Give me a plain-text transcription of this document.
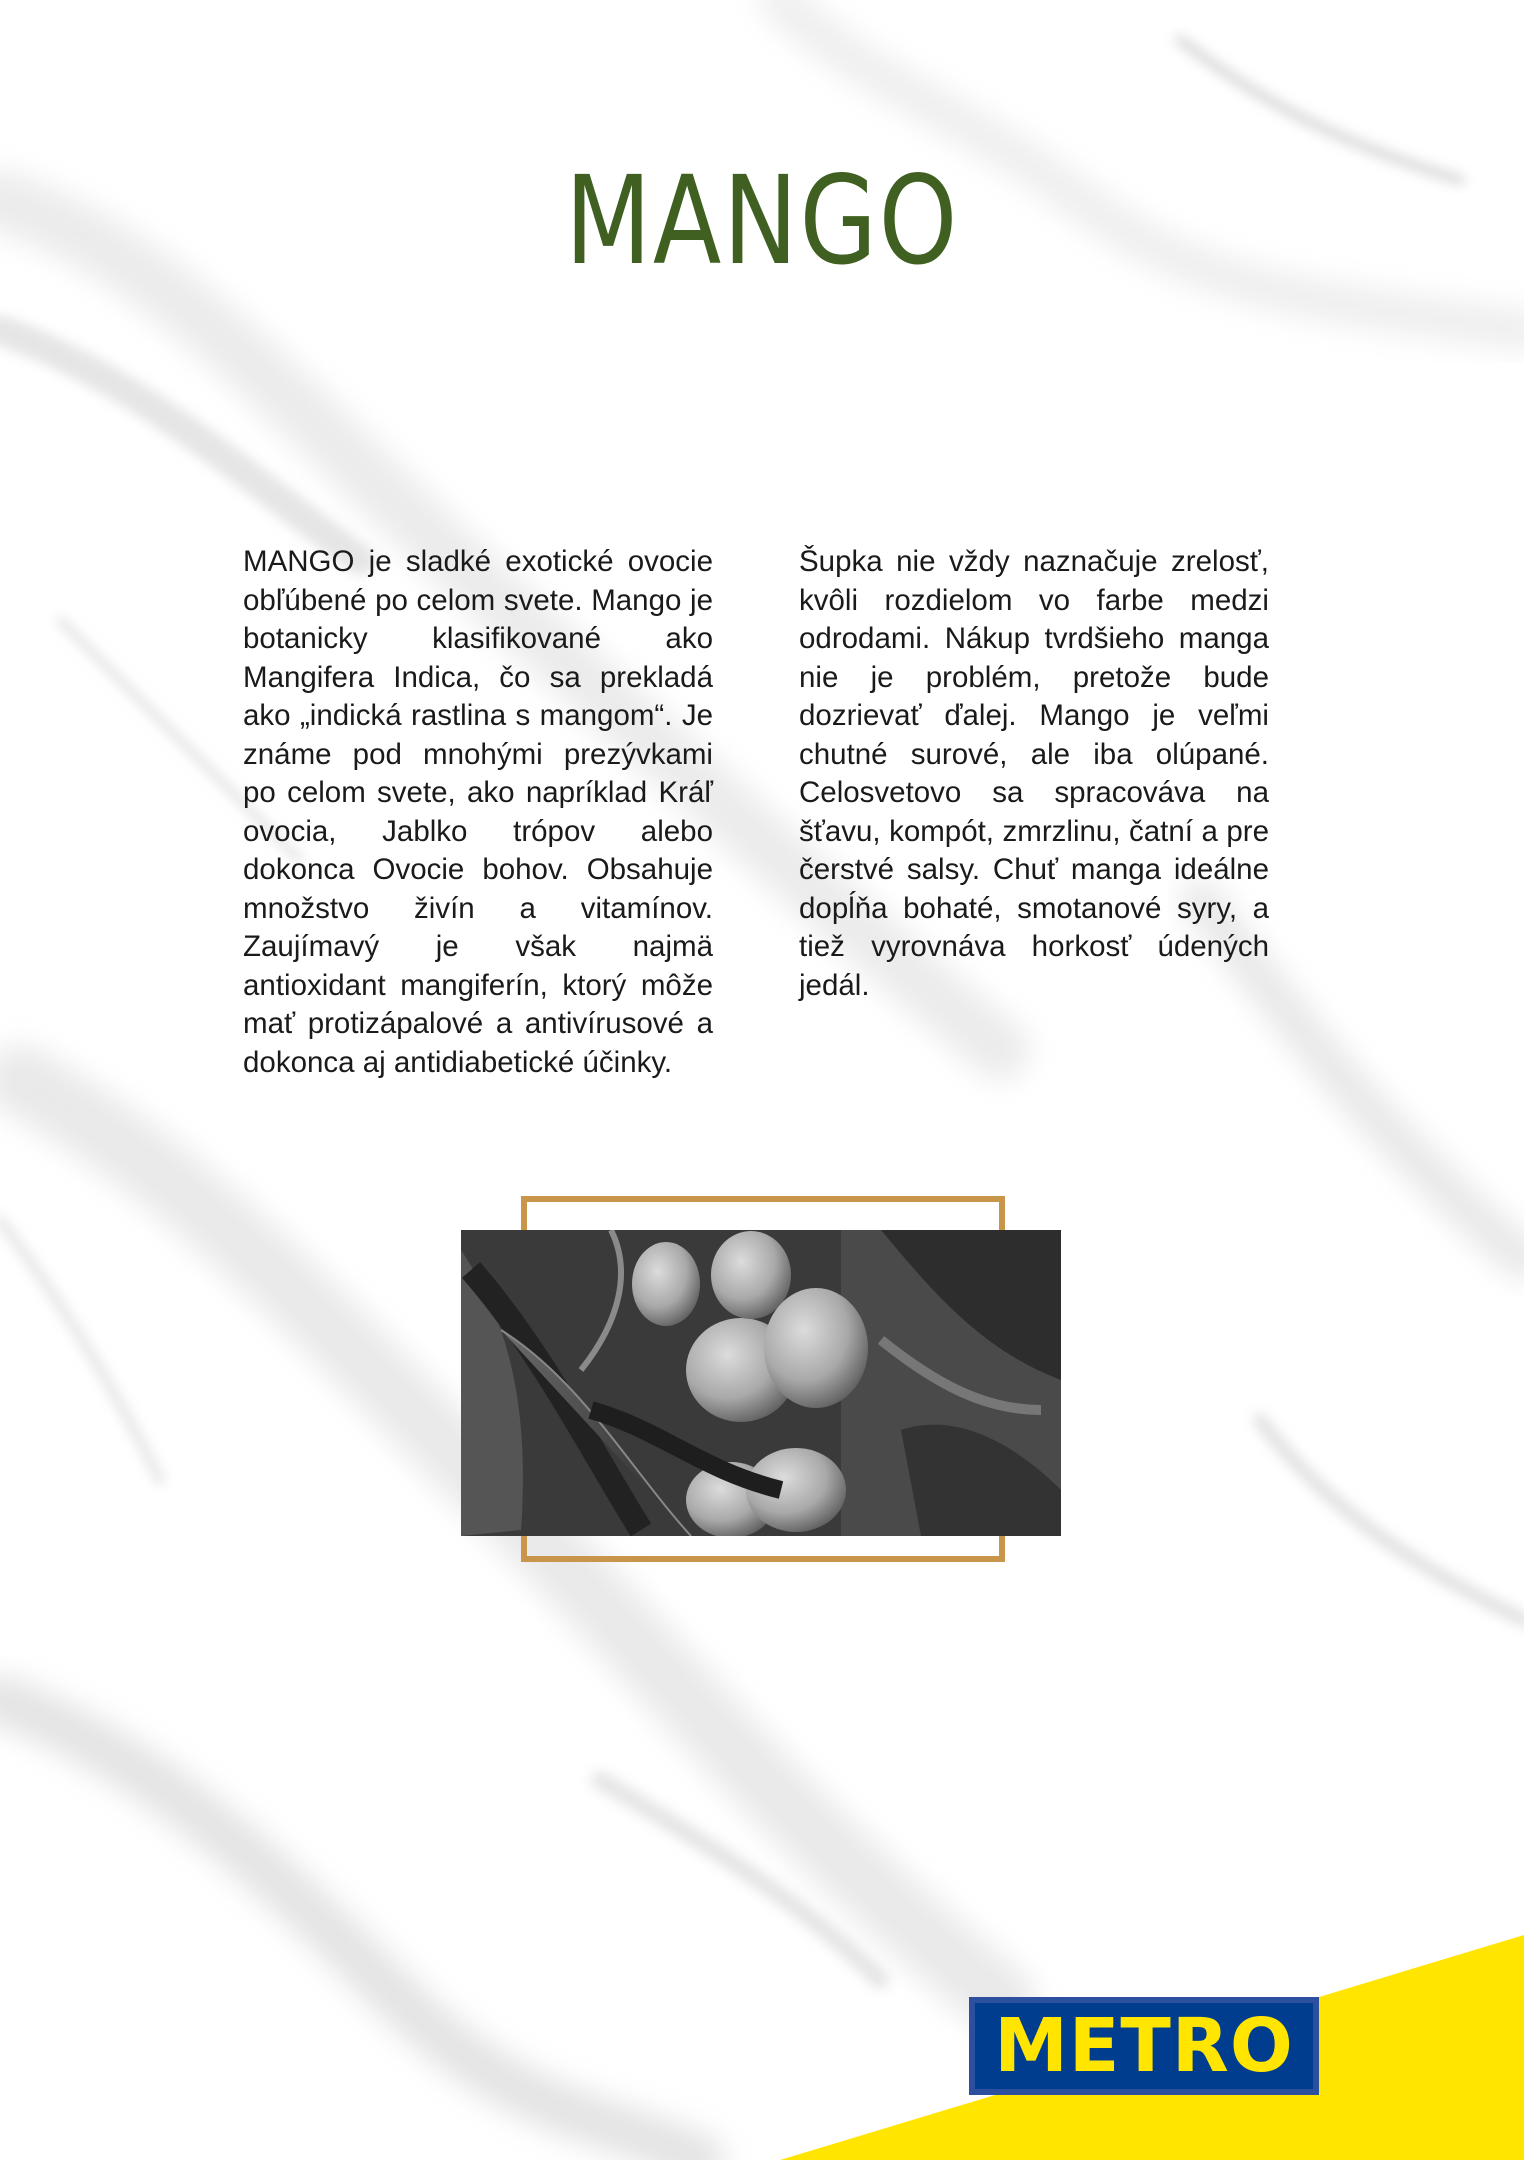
MANGO
MANGO je sladké exotické ovocie obľúbené po celom svete. Mango je botanicky klasifikované ako Mangifera Indica, čo sa prekladá ako „indická rastlina s mangom“. Je známe pod mnohými prezývkami po celom svete, ako napríklad Kráľ ovocia, Jablko trópov alebo dokonca Ovocie bohov. Obsahuje množstvo živín a vitamínov. Zaujímavý je však najmä antioxidant mangiferín, ktorý môže mať protizápalové a antivírusové a dokonca aj antidiabetické účinky.
Šupka nie vždy naznačuje zrelosť, kvôli rozdielom vo farbe medzi odrodami. Nákup tvrdšieho manga nie je problém, pretože bude dozrievať ďalej. Mango je veľmi chutné surové, ale iba olúpané. Celosvetovo sa spracováva na šťavu, kompót, zmrzlinu, čatní a pre čerstvé salsy. Chuť manga ideálne dopĺňa bohaté, smotanové syry, a tiež vyrovnáva horkosť údených jedál.
METRO
